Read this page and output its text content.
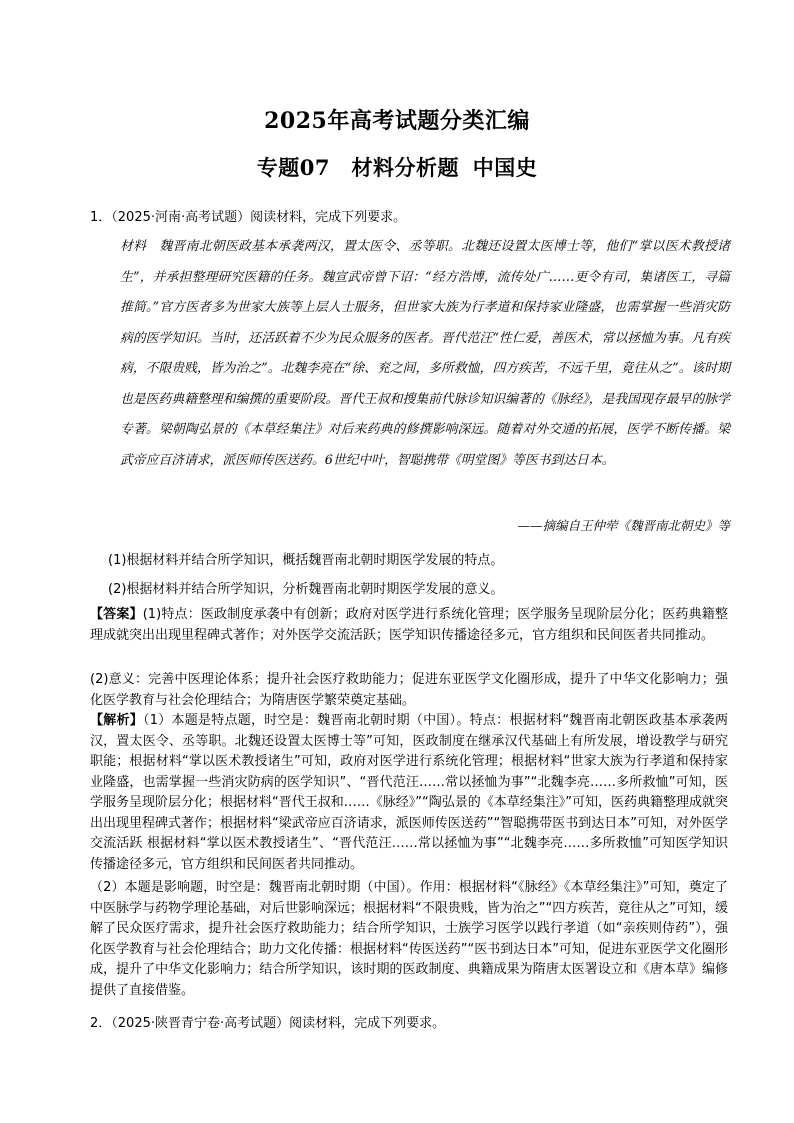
2025年高考试题分类汇编
专题07　材料分析题 中国史
1．（2025·河南·高考试题）阅读材料，完成下列要求。
材料　魏晋南北朝医政基本承袭两汉，置太医令、丞等职。北魏还设置太医博士等，他们“掌以医术教授诸生”，并承担整理研究医籍的任务。魏宣武帝曾下诏：“经方浩博，流传处广……更令有司，集诸医工，寻篇推简。”官方医者多为世家大族等上层人士服务，但世家大族为行孝道和保持家业隆盛，也需掌握一些消灾防病的医学知识。当时，还活跃着不少为民众服务的医者。晋代范汪“性仁爱，善医术，常以拯恤为事。凡有疾病，不限贵贱，皆为治之”。北魏李亮在“徐、兖之间，多所救恤，四方疾苦，不远千里，竟往从之”。该时期也是医药典籍整理和编撰的重要阶段。晋代王叔和搜集前代脉诊知识编著的《脉经》，是我国现存最早的脉学专著。梁朝陶弘景的《本草经集注》对后来药典的修撰影响深远。随着对外交通的拓展，医学不断传播。梁武帝应百济请求，派医师传医送药。6世纪中叶，智聪携带《明堂图》等医书到达日本。
——摘编自王仲荦《魏晋南北朝史》等
(1)根据材料并结合所学知识，概括魏晋南北朝时期医学发展的特点。
(2)根据材料并结合所学知识，分析魏晋南北朝时期医学发展的意义。
【答案】(1)特点：医政制度承袭中有创新；政府对医学进行系统化管理；医学服务呈现阶层分化；医药典籍整理成就突出出现里程碑式著作；对外医学交流活跃；医学知识传播途径多元，官方组织和民间医者共同推动。
(2)意义：完善中医理论体系；提升社会医疗救助能力；促进东亚医学文化圈形成，提升了中华文化影响力；强化医学教育与社会伦理结合；为隋唐医学繁荣奠定基础。
【解析】（1）本题是特点题，时空是：魏晋南北朝时期（中国）。特点：根据材料“魏晋南北朝医政基本承袭两汉，置太医令、丞等职。北魏还设置太医博士等”可知，医政制度在继承汉代基础上有所发展，增设教学与研究职能；根据材料“掌以医术教授诸生”可知，政府对医学进行系统化管理；根据材料“世家大族为行孝道和保持家业隆盛，也需掌握一些消灾防病的医学知识”、“晋代范汪……常以拯恤为事”“北魏李亮……多所救恤”可知，医学服务呈现阶层分化；根据材料“晋代王叔和……《脉经》”“陶弘景的《本草经集注》”可知，医药典籍整理成就突出出现里程碑式著作；根据材料“梁武帝应百济请求，派医师传医送药”“智聪携带医书到达日本”可知，对外医学交流活跃 根据材料“掌以医术教授诸生”、“晋代范汪……常以拯恤为事”“北魏李亮……多所救恤”可知医学知识传播途径多元，官方组织和民间医者共同推动。
（2）本题是影响题，时空是：魏晋南北朝时期（中国）。作用：根据材料“《脉经》《本草经集注》”可知，奠定了中医脉学与药物学理论基础，对后世影响深远；根据材料“不限贵贱，皆为治之”“四方疾苦，竟往从之”可知，缓解了民众医疗需求，提升社会医疗救助能力；结合所学知识，士族学习医学以践行孝道（如“亲疾则侍药”），强化医学教育与社会伦理结合；助力文化传播：根据材料“传医送药”“医书到达日本”可知，促进东亚医学文化圈形成，提升了中华文化影响力；结合所学知识，该时期的医政制度、典籍成果为隋唐太医署设立和《唐本草》编修提供了直接借鉴。
2．（2025·陕晋青宁卷·高考试题）阅读材料，完成下列要求。
